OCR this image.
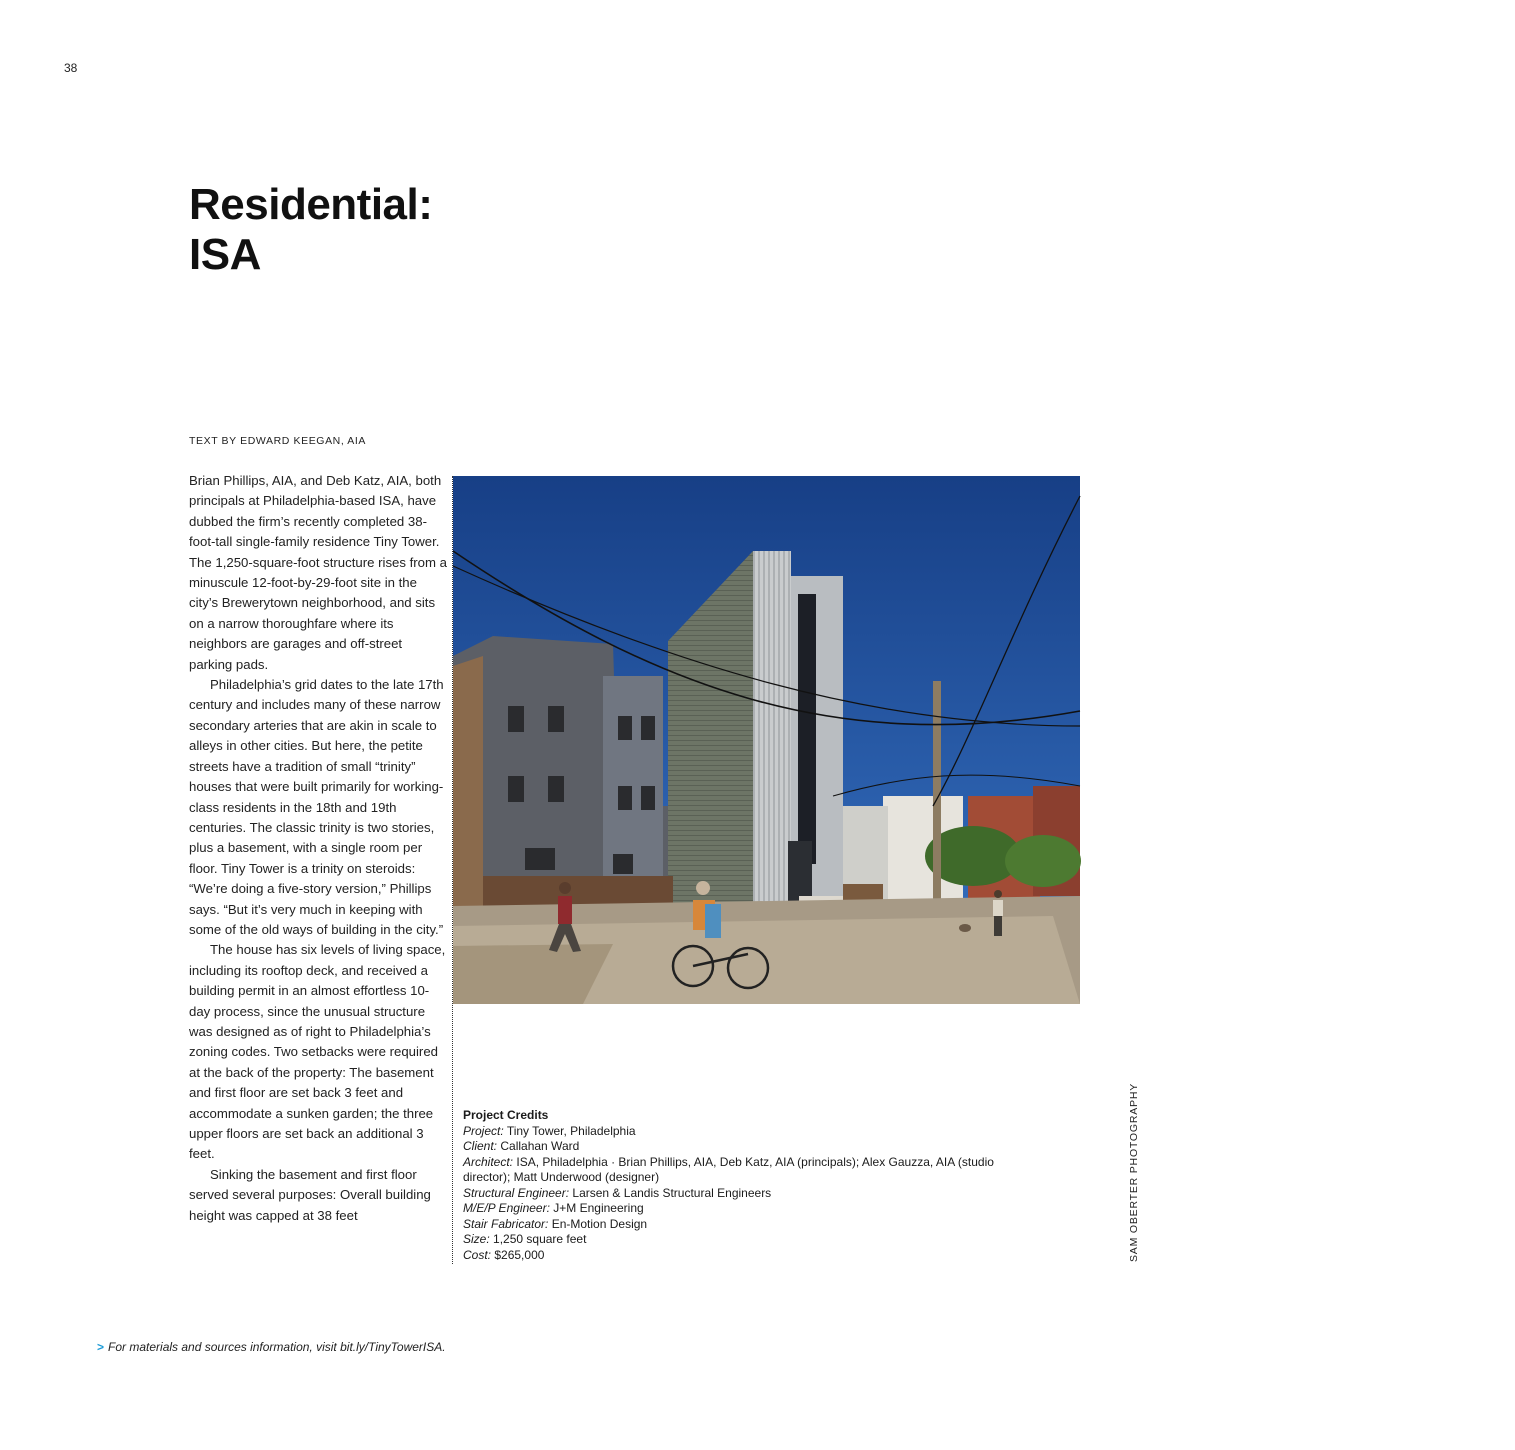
38
Residential:
ISA
TEXT BY EDWARD KEEGAN, AIA

Brian Phillips, AIA, and Deb Katz, AIA, both principals at Philadelphia-based ISA, have dubbed the firm’s recently completed 38-foot-tall single-family residence Tiny Tower. The 1,250-square-foot structure rises from a minuscule 12-foot-by-29-foot site in the city’s Brewerytown neighborhood, and sits on a narrow thoroughfare where its neighbors are garages and off-street parking pads.

Philadelphia’s grid dates to the late 17th century and includes many of these narrow secondary arteries that are akin in scale to alleys in other cities. But here, the petite streets have a tradition of small “trinity” houses that were built primarily for working-class residents in the 18th and 19th centuries. The classic trinity is two stories, plus a basement, with a single room per floor. Tiny Tower is a trinity on steroids: “We’re doing a five-story version,” Phillips says. “But it’s very much in keeping with some of the old ways of building in the city.”

The house has six levels of living space, including its rooftop deck, and received a building permit in an almost effortless 10-day process, since the unusual structure was designed as of right to Philadelphia’s zoning codes. Two setbacks were required at the back of the property: The basement and first floor are set back 3 feet and accommodate a sunken garden; the three upper floors are set back an additional 3 feet.

Sinking the basement and first floor served several purposes: Overall building height was capped at 38 feet

Tiny Tower is clad in ATAS metal panels on the front façade, and Hardieplank on the sides.

Project Credits

Project: Tiny Tower, Philadelphia

Client: Callahan Ward

Architect: ISA, Philadelphia · Brian Phillips, AIA, Deb Katz, AIA (principals); Alex Gauzza, AIA (studio director); Matt Underwood (designer)

Structural Engineer: Larsen & Landis Structural Engineers

M/E/P Engineer: J+M Engineering

Stair Fabricator: En-Motion Design

Size: 1,250 square feet

Cost: $265,000	SAM OBERTER PHOTOGRAPHY
> For materials and sources information, visit bit.ly/TinyTowerISA.
